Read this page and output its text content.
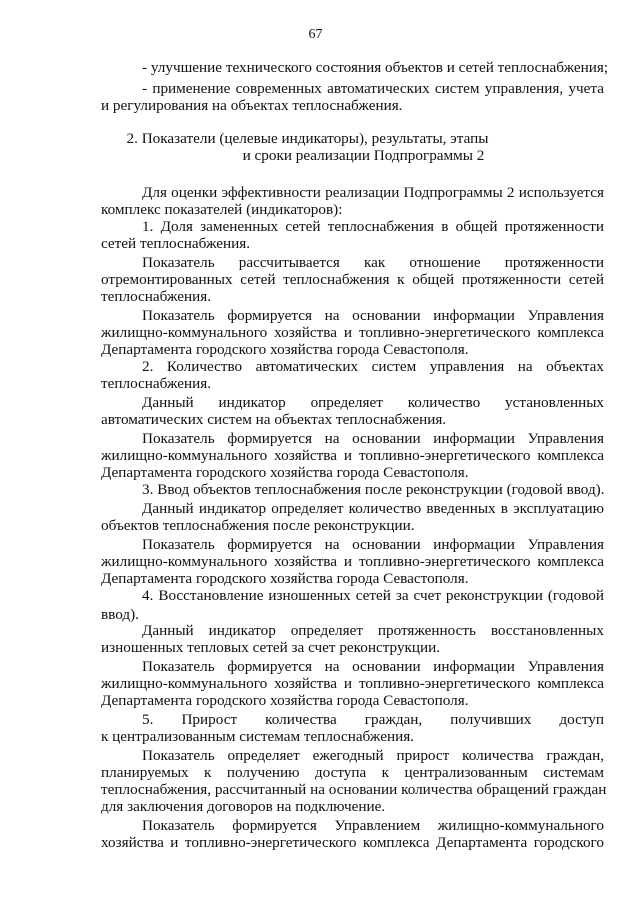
67
- улучшение технического состояния объектов и сетей теплоснабжения;
- применение современных автоматических систем управления, учета
и регулирования на объектах теплоснабжения.
2. Показатели (целевые индикаторы), результаты, этапы
и сроки реализации Подпрограммы 2
Для оценки эффективности реализации Подпрограммы 2 используется
комплекс показателей (индикаторов):
1. Доля замененных сетей теплоснабжения в общей протяженности
сетей теплоснабжения.
Показатель рассчитывается как отношение протяженности
отремонтированных сетей теплоснабжения к общей протяженности сетей
теплоснабжения.
Показатель формируется на основании информации Управления
жилищно-коммунального хозяйства и топливно-энергетического комплекса
Департамента городского хозяйства города Севастополя.
2. Количество автоматических систем управления на объектах
теплоснабжения.
Данный индикатор определяет количество установленных
автоматических систем на объектах теплоснабжения.
Показатель формируется на основании информации Управления
жилищно-коммунального хозяйства и топливно-энергетического комплекса
Департамента городского хозяйства города Севастополя.
3. Ввод объектов теплоснабжения после реконструкции (годовой ввод).
Данный индикатор определяет количество введенных в эксплуатацию
объектов теплоснабжения после реконструкции.
Показатель формируется на основании информации Управления
жилищно-коммунального хозяйства и топливно-энергетического комплекса
Департамента городского хозяйства города Севастополя.
4. Восстановление изношенных сетей за счет реконструкции (годовой
ввод).
Данный индикатор определяет протяженность восстановленных
изношенных тепловых сетей за счет реконструкции.
Показатель формируется на основании информации Управления
жилищно-коммунального хозяйства и топливно-энергетического комплекса
Департамента городского хозяйства города Севастополя.
5. Прирост количества граждан, получивших доступ
к централизованным системам теплоснабжения.
Показатель определяет ежегодный прирост количества граждан,
планируемых к получению доступа к централизованным системам
теплоснабжения, рассчитанный на основании количества обращений граждан
для заключения договоров на подключение.
Показатель формируется Управлением жилищно-коммунального
хозяйства и топливно-энергетического комплекса Департамента городского
